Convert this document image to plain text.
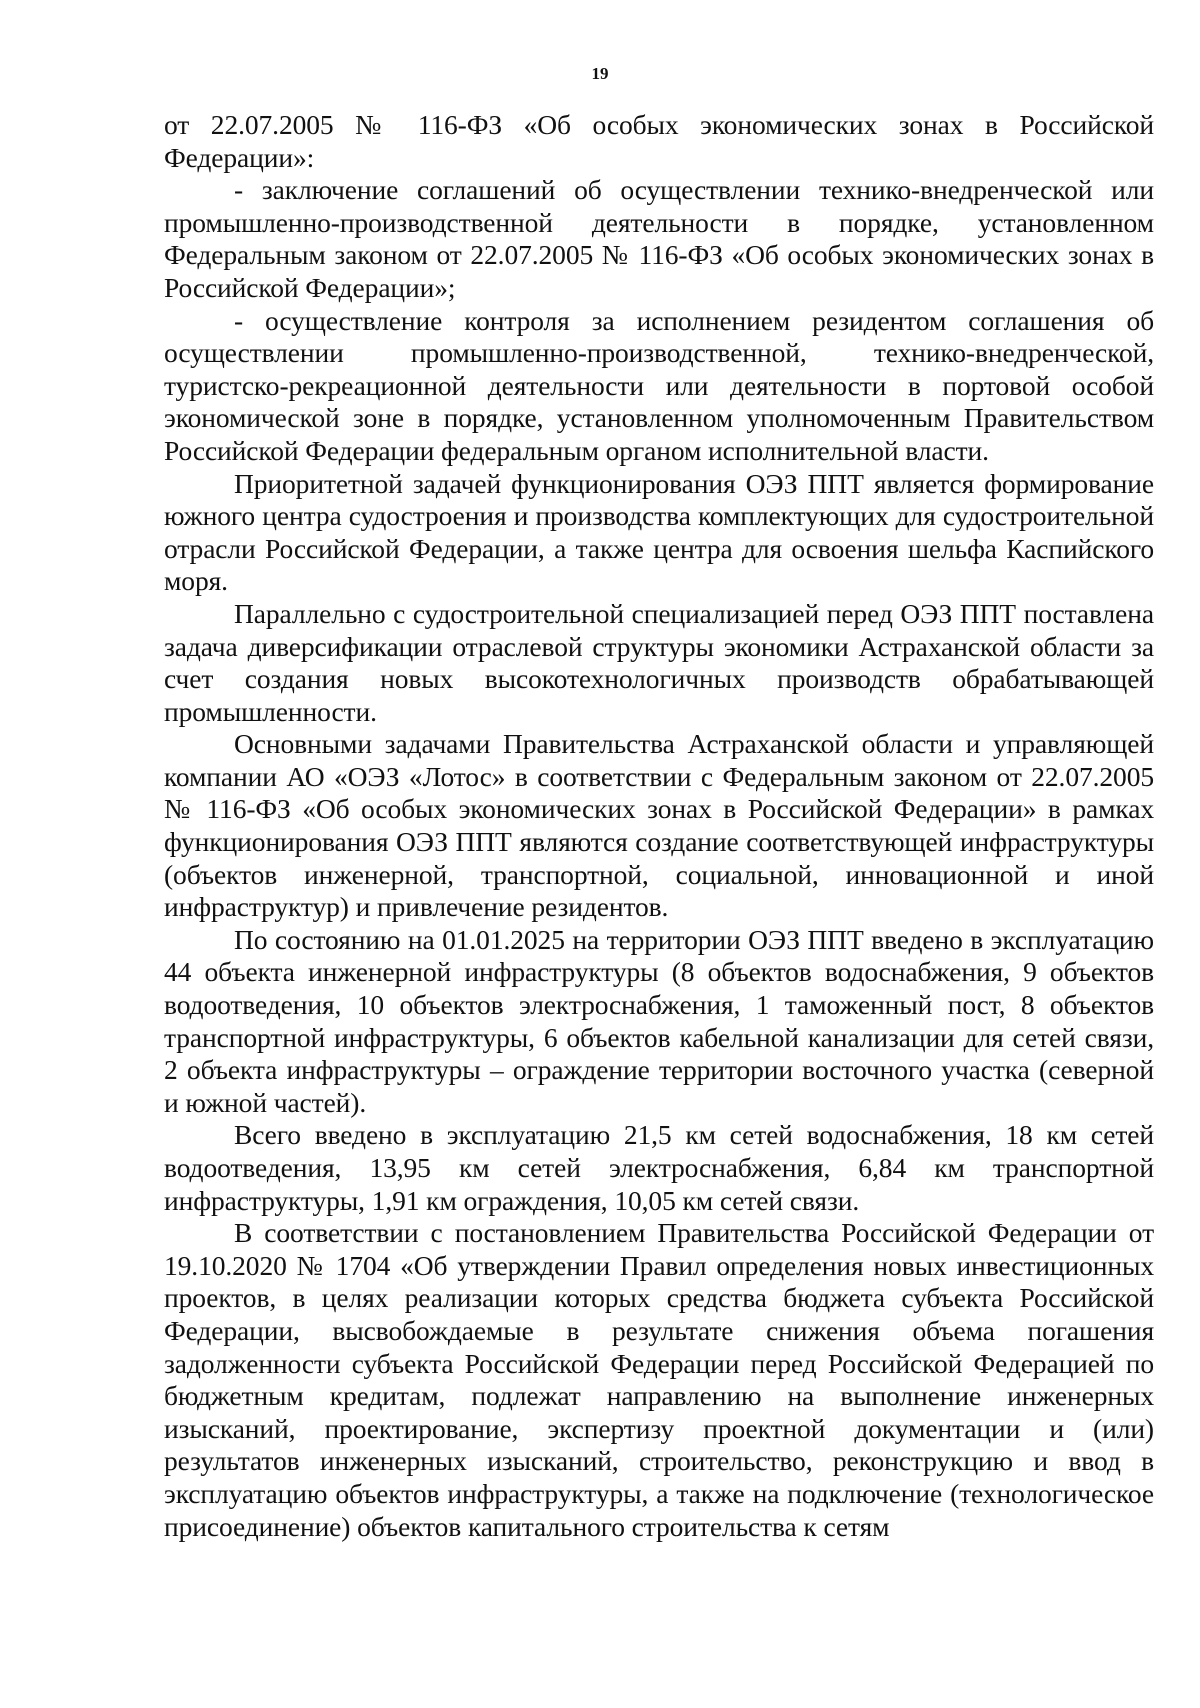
19

от 22.07.2005 № 116-ФЗ «Об особых экономических зонах в Российской Федерации»:

- заключение соглашений об осуществлении технико-внедренческой или промышленно-производственной деятельности в порядке, установленном Федеральным законом от 22.07.2005 № 116-ФЗ «Об особых экономических зонах в Российской Федерации»;

- осуществление контроля за исполнением резидентом соглашения об осуществлении промышленно-производственной, технико-внедренческой, туристско-рекреационной деятельности или деятельности в портовой особой экономической зоне в порядке, установленном уполномоченным Правительством Российской Федерации федеральным органом исполнительной власти.

Приоритетной задачей функционирования ОЭЗ ППТ является формирование южного центра судостроения и производства комплектующих для судостроительной отрасли Российской Федерации, а также центра для освоения шельфа Каспийского моря.

Параллельно с судостроительной специализацией перед ОЭЗ ППТ поставлена задача диверсификации отраслевой структуры экономики Астраханской области за счет создания новых высокотехнологичных производств обрабатывающей промышленности.

Основными задачами Правительства Астраханской области и управляющей компании АО «ОЭЗ «Лотос» в соответствии с Федеральным законом от 22.07.2005 № 116-ФЗ «Об особых экономических зонах в Российской Федерации» в рамках функционирования ОЭЗ ППТ являются создание соответствующей инфраструктуры (объектов инженерной, транспортной, социальной, инновационной и иной инфраструктур) и привлечение резидентов.

По состоянию на 01.01.2025 на территории ОЭЗ ППТ введено в эксплуатацию 44 объекта инженерной инфраструктуры (8 объектов водоснабжения, 9 объектов водоотведения, 10 объектов электроснабжения, 1 таможенный пост, 8 объектов транспортной инфраструктуры, 6 объектов кабельной канализации для сетей связи, 2 объекта инфраструктуры – ограждение территории восточного участка (северной и южной частей).

Всего введено в эксплуатацию 21,5 км сетей водоснабжения, 18 км сетей водоотведения, 13,95 км сетей электроснабжения, 6,84 км транспортной инфраструктуры, 1,91 км ограждения, 10,05 км сетей связи.

В соответствии с постановлением Правительства Российской Федерации от 19.10.2020 № 1704 «Об утверждении Правил определения новых инвестиционных проектов, в целях реализации которых средства бюджета субъекта Российской Федерации, высвобождаемые в результате снижения объема погашения задолженности субъекта Российской Федерации перед Российской Федерацией по бюджетным кредитам, подлежат направлению на выполнение инженерных изысканий, проектирование, экспертизу проектной документации и (или) результатов инженерных изысканий, строительство, реконструкцию и ввод в эксплуатацию объектов инфраструктуры, а также на подключение (технологическое присоединение) объектов капитального строительства к сетям
